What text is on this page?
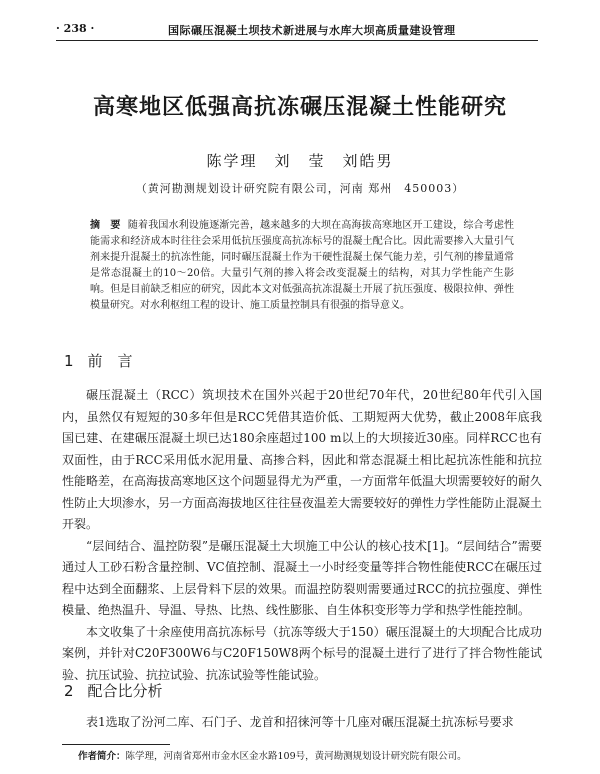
· 238 ·	国际碾压混凝土坝技术新进展与水库大坝高质量建设管理
高寒地区低强高抗冻碾压混凝土性能研究
陈学理　刘　莹　刘皓男
（黄河勘测规划设计研究院有限公司，河南 郑州　450003）
摘　要 随着我国水利设施逐渐完善，越来越多的大坝在高海拔高寒地区开工建设，综合考虑性能需求和经济成本时往往会采用低抗压强度高抗冻标号的混凝土配合比。因此需要掺入大量引气剂来提升混凝土的抗冻性能，同时碾压混凝土作为干硬性混凝土保气能力差，引气剂的掺量通常是常态混凝土的10～20倍。大量引气剂的掺入将会改变混凝土的结构，对其力学性能产生影响。但是目前缺乏相应的研究，因此本文对低强高抗冻混凝土开展了抗压强度、极限拉伸、弹性模量研究。对水利枢纽工程的设计、施工质量控制具有很强的指导意义。
1 前　言

碾压混凝土（RCC）筑坝技术在国外兴起于20世纪70年代，20世纪80年代引入国内，虽然仅有短短的30多年但是RCC凭借其造价低、工期短两大优势，截止2008年底我国已建、在建碾压混凝土坝已达180余座超过100 m以上的大坝接近30座。同样RCC也有双面性，由于RCC采用低水泥用量、高掺合料，因此和常态混凝土相比起抗冻性能和抗拉性能略差，在高海拔高寒地区这个问题显得尤为严重，一方面常年低温大坝需要较好的耐久性防止大坝渗水，另一方面高海拔地区往往昼夜温差大需要较好的弹性力学性能防止混凝土开裂。

“层间结合、温控防裂”是碾压混凝土大坝施工中公认的核心技术[1]。“层间结合”需要通过人工砂石粉含量控制、VC值控制、混凝土一小时经变量等拌合物性能使RCC在碾压过程中达到全面翻浆、上层骨料下层的效果。而温控防裂则需要通过RCC的抗拉强度、弹性模量、绝热温升、导温、导热、比热、线性膨胀、自生体积变形等力学和热学性能控制。

本文收集了十余座使用高抗冻标号（抗冻等级大于150）碾压混凝土的大坝配合比成功案例，并针对C20F300W6与C20F150W8两个标号的混凝土进行了进行了拌合物性能试验、抗压试验、抗拉试验、抗冻试验等性能试验。

2 配合比分析

表1选取了汾河二库、石门子、龙首和招徕河等十几座对碾压混凝土抗冻标号要求

作者简介：陈学理，河南省郑州市金水区金水路109号，黄河勘测规划设计研究院有限公司。
